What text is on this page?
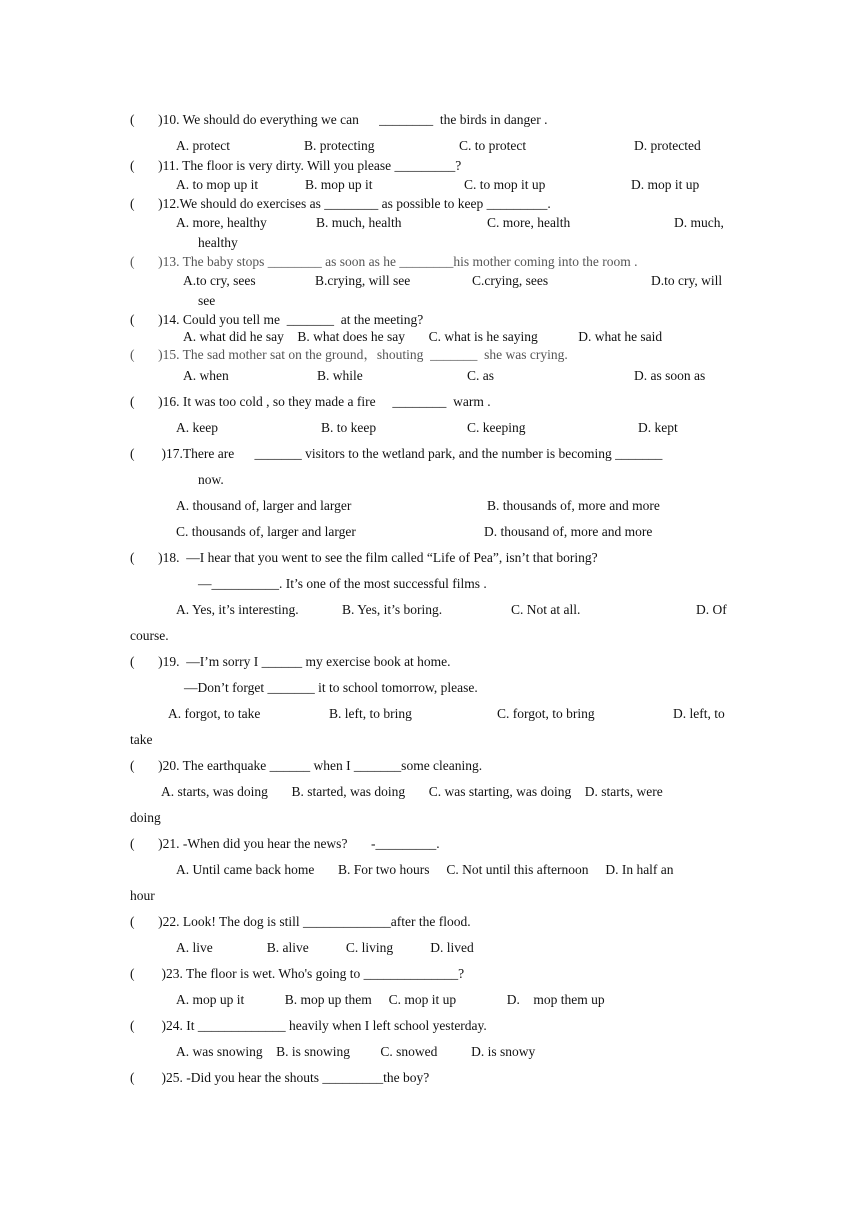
(       )10. We should do everything we can      ________  the birds in danger .
A. protect	B. protecting	C. to protect	D. protected
(       )11. The floor is very dirty. Will you please _________?
A. to mop up it	B. mop up it	C. to mop it up	D. mop it up
(       )12.We should do exercises as ________ as possible to keep _________.
A. more, healthy	B. much, health	C. more, health	D. much,
healthy
(       )13. The baby stops ________ as soon as he ________his mother coming into the room .
A.to cry, sees	B.crying, will see	C.crying, sees	D.to cry, will
see
(       )14. Could you tell me  _______  at the meeting?
A. what did he say    B. what does he say       C. what is he saying            D. what he said
(       )15. The sad mother sat on the ground，shouting  _______  she was crying.
A. when	B. while	C. as	D. as soon as
(       )16. It was too cold , so they made a fire     ________  warm .
A. keep	B. to keep	C. keeping	D. kept
(        )17.There are      _______ visitors to the wetland park, and the number is becoming _______
now.
A. thousand of, larger and larger	B. thousands of, more and more
C. thousands of, larger and larger	D. thousand of, more and more
(       )18.  —I hear that you went to see the film called “Life of Pea”, isn’t that boring?
—__________. It’s one of the most successful films .
A. Yes, it’s interesting.	B. Yes, it’s boring.	C. Not at all.	D. Of
course.
(       )19.  —I’m sorry I ______ my exercise book at home.
—Don’t forget _______ it to school tomorrow, please.
A. forgot, to take	B. left, to bring	C. forgot, to bring	D. left, to
take
(       )20. The earthquake ______ when I _______some cleaning.
A. starts, was doing       B. started, was doing       C. was starting, was doing    D. starts, were
doing
(       )21. -When did you hear the news?       -_________.
A. Until came back home       B. For two hours     C. Not until this afternoon     D. In half an
hour
(       )22. Look! The dog is still _____________after the flood.
A. live                B. alive           C. living           D. lived
(        )23. The floor is wet. Who's going to ______________?
A. mop up it            B. mop up them     C. mop it up               D.    mop them up
(        )24. It _____________ heavily when I left school yesterday.
A. was snowing    B. is snowing         C. snowed          D. is snowy
(        )25. -Did you hear the shouts _________the boy?
